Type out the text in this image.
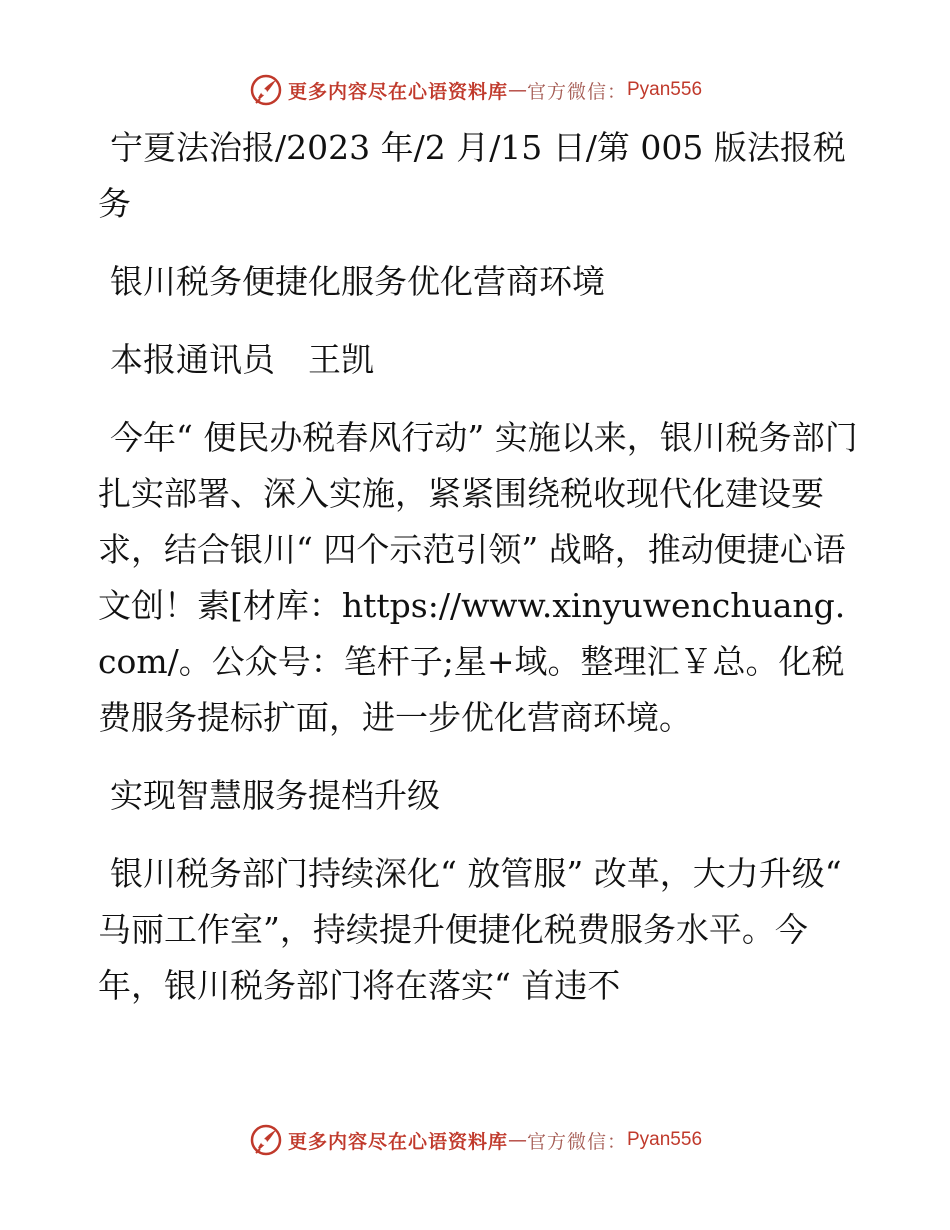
更多内容尽在心语资料库 — 官方微信： Pyan556

宁夏法治报/2023 年/2 月/15 日/第 005 版法报税务

银川税务便捷化服务优化营商环境

本报通讯员　王凯

今年“ 便民办税春风行动” 实施以来，银川税务部门扎实部署、深入实施，紧紧围绕税收现代化建设要求，结合银川“ 四个示范引领” 战略，推动便捷心语文创！素[材库：https://www.xinyuwenchuang.com/。公众号：笔杆子;星+域。整理汇￥总。化税费服务提标扩面，进一步优化营商环境。

实现智慧服务提档升级

银川税务部门持续深化“ 放管服” 改革，大力升级“ 马丽工作室”，持续提升便捷化税费服务水平。今年，银川税务部门将在落实“ 首违不

更多内容尽在心语资料库 — 官方微信： Pyan556
